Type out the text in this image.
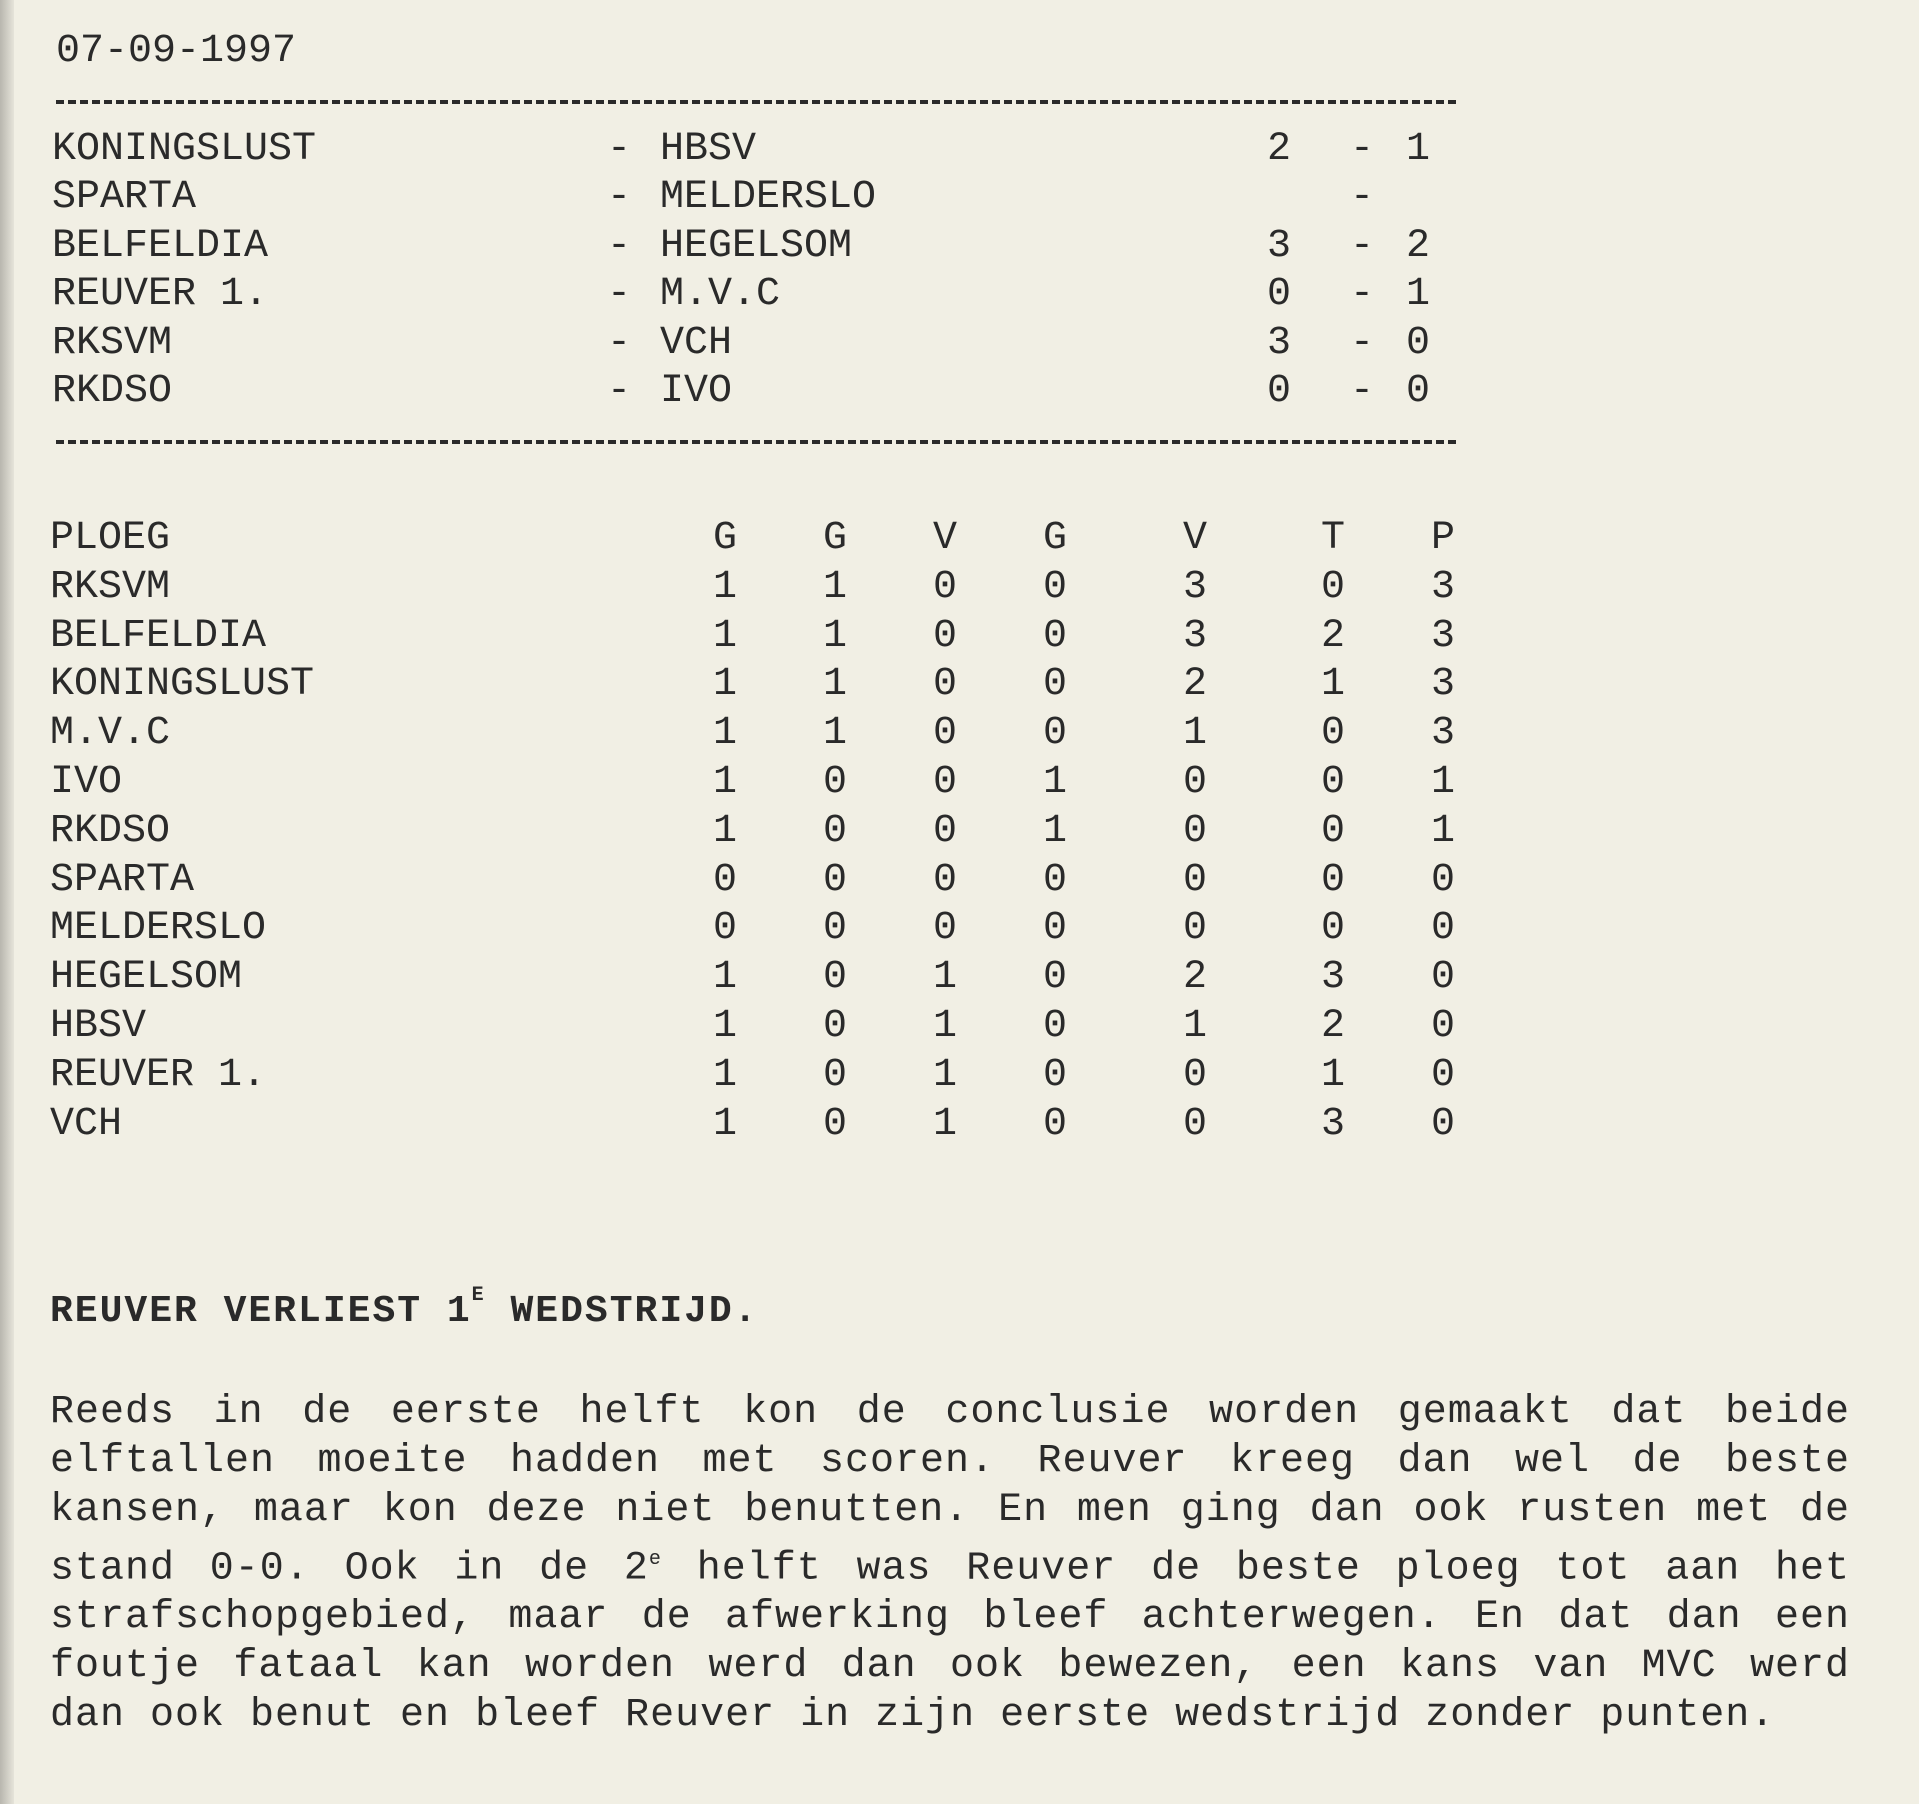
07-09-1997
KONINGSLUST	- HBSV	2	- 1
SPARTA	- MELDERSLO	-
BELFELDIA	- HEGELSOM	3	- 2
REUVER 1.	- M.V.C	0	- 1
RKSVM	- VCH	3	- 0
RKDSO	- IVO	0	- 0
PLOEG	G	G	V	G	V	T	P
RKSVM	1	1	0	0	3	0	3
BELFELDIA	1	1	0	0	3	2	3
KONINGSLUST	1	1	0	0	2	1	3
M.V.C	1	1	0	0	1	0	3
IVO	1	0	0	1	0	0	1
RKDSO	1	0	0	1	0	0	1
SPARTA	0	0	0	0	0	0	0
MELDERSLO	0	0	0	0	0	0	0
HEGELSOM	1	0	1	0	2	3	0
HBSV	1	0	1	0	1	2	0
REUVER 1.	1	0	1	0	0	1	0
VCH	1	0	1	0	0	3	0
REUVER VERLIEST $1^E$ WEDSTRIJD.
Reeds in de eerste helft kon de conclusie worden gemaakt dat beide elftallen moeite hadden met scoren. Reuver kreeg dan wel de beste kansen, maar kon deze niet benutten. En men ging dan ook rusten met de stand 0-0. Ook in de 2e helft was Reuver de beste ploeg tot aan het strafschopgebied, maar de afwerking bleef achterwegen. En dat dan een foutje fataal kan worden werd dan ook bewezen, een kans van MVC werd dan ook benut en bleef Reuver in zijn eerste wedstrijd zonder punten.
